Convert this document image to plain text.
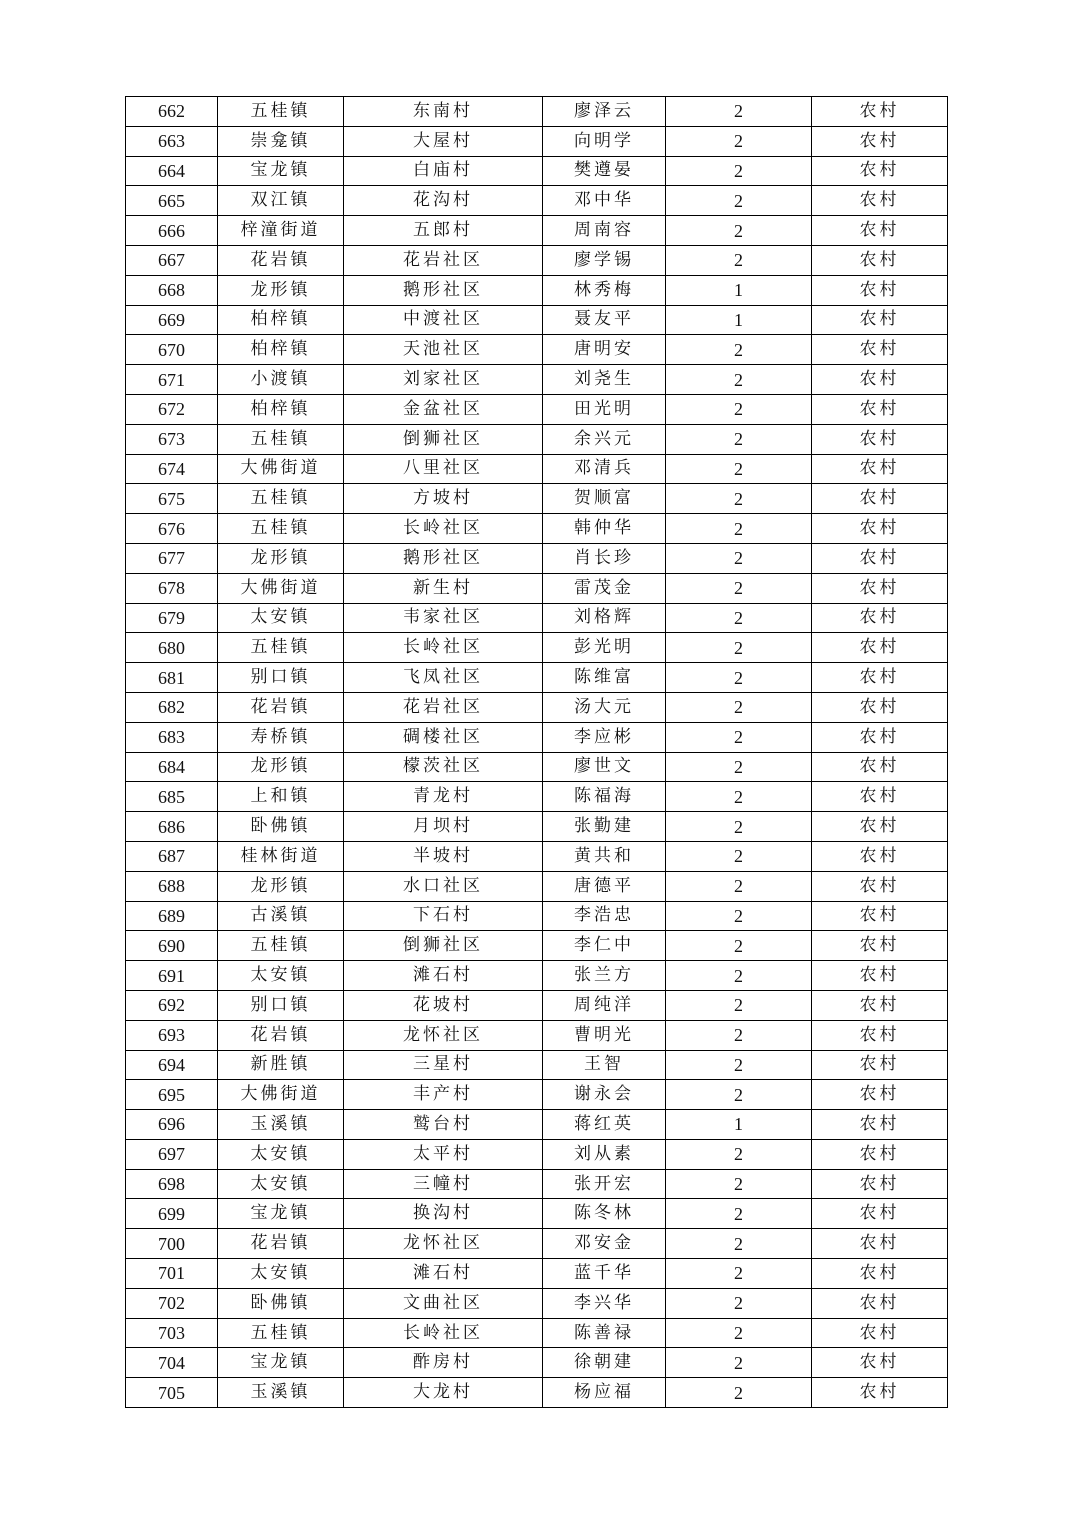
662	五桂镇	东南村	廖泽云	2	农村
663	崇龛镇	大屋村	向明学	2	农村
664	宝龙镇	白庙村	樊遵晏	2	农村
665	双江镇	花沟村	邓中华	2	农村
666	梓潼街道	五郎村	周南容	2	农村
667	花岩镇	花岩社区	廖学锡	2	农村
668	龙形镇	鹅形社区	林秀梅	1	农村
669	柏梓镇	中渡社区	聂友平	1	农村
670	柏梓镇	天池社区	唐明安	2	农村
671	小渡镇	刘家社区	刘尧生	2	农村
672	柏梓镇	金盆社区	田光明	2	农村
673	五桂镇	倒狮社区	余兴元	2	农村
674	大佛街道	八里社区	邓清兵	2	农村
675	五桂镇	方坡村	贺顺富	2	农村
676	五桂镇	长岭社区	韩仲华	2	农村
677	龙形镇	鹅形社区	肖长珍	2	农村
678	大佛街道	新生村	雷茂金	2	农村
679	太安镇	韦家社区	刘格辉	2	农村
680	五桂镇	长岭社区	彭光明	2	农村
681	别口镇	飞凤社区	陈维富	2	农村
682	花岩镇	花岩社区	汤大元	2	农村
683	寿桥镇	碉楼社区	李应彬	2	农村
684	龙形镇	檬茨社区	廖世文	2	农村
685	上和镇	青龙村	陈福海	2	农村
686	卧佛镇	月坝村	张勤建	2	农村
687	桂林街道	半坡村	黄共和	2	农村
688	龙形镇	水口社区	唐德平	2	农村
689	古溪镇	下石村	李浩忠	2	农村
690	五桂镇	倒狮社区	李仁中	2	农村
691	太安镇	滩石村	张兰方	2	农村
692	别口镇	花坡村	周纯洋	2	农村
693	花岩镇	龙怀社区	曹明光	2	农村
694	新胜镇	三星村	王智	2	农村
695	大佛街道	丰产村	谢永会	2	农村
696	玉溪镇	鹫台村	蒋红英	1	农村
697	太安镇	太平村	刘从素	2	农村
698	太安镇	三幢村	张开宏	2	农村
699	宝龙镇	换沟村	陈冬林	2	农村
700	花岩镇	龙怀社区	邓安金	2	农村
701	太安镇	滩石村	蓝千华	2	农村
702	卧佛镇	文曲社区	李兴华	2	农村
703	五桂镇	长岭社区	陈善禄	2	农村
704	宝龙镇	酢房村	徐朝建	2	农村
705	玉溪镇	大龙村	杨应福	2	农村
